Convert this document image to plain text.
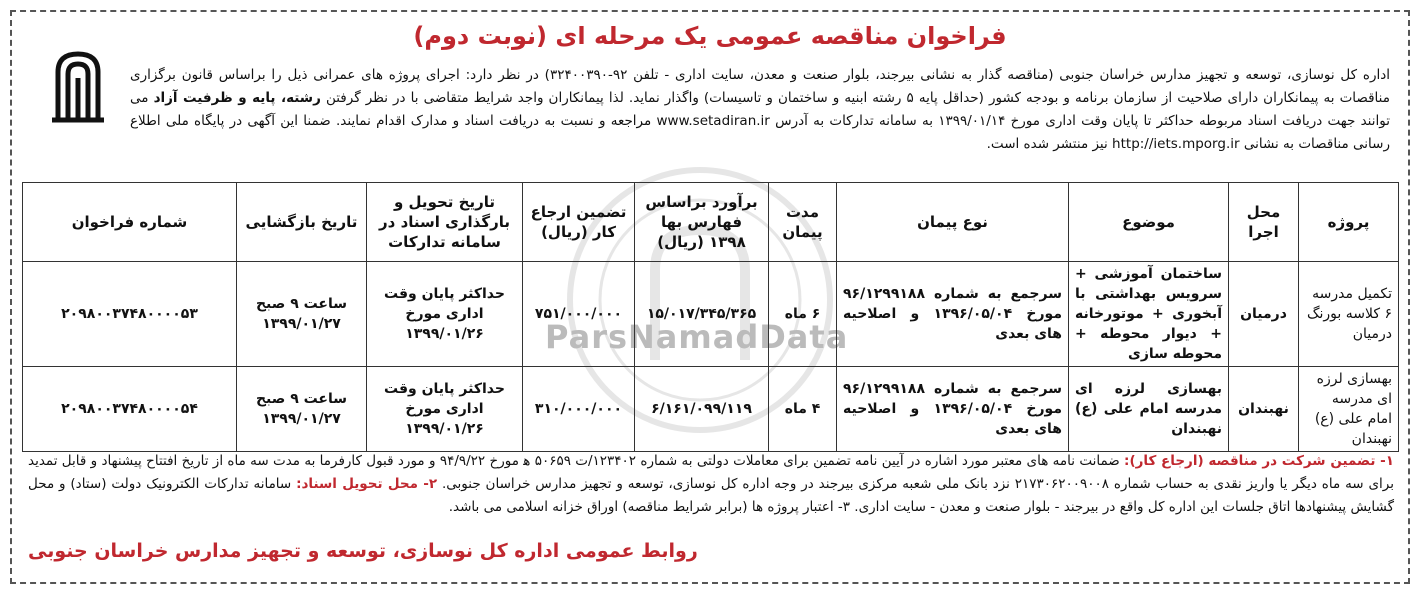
فراخوان مناقصه عمومی یک مرحله ای (نوبت دوم)
ParsNamadData
اداره کل نوسازی، توسعه و تجهیز مدارس خراسان جنوبی (مناقصه گذار به نشانی بیرجند، بلوار صنعت و معدن، سایت اداری - تلفن ۹۲-۳۲۴۰۰۳۹۰) در نظر دارد: اجرای پروژه های عمرانی ذیل را براساس قانون برگزاری مناقصات به پیمانکاران دارای صلاحیت از سازمان برنامه و بودجه کشور (حداقل پایه ۵ رشته ابنیه و ساختمان و تاسیسات) واگذار نماید. لذا پیمانکاران واجد شرایط متقاضی با در نظر گرفتن رشته، پایه و ظرفیت آزاد می توانند جهت دریافت اسناد مربوطه حداکثر تا پایان وقت اداری مورخ ۱۳۹۹/۰۱/۱۴ به سامانه تدارکات به آدرس www.setadiran.ir مراجعه و نسبت به دریافت اسناد و مدارک اقدام نمایند. ضمنا این آگهی در پایگاه ملی اطلاع رسانی مناقصات به نشانی http://iets.mporg.ir نیز منتشر شده است.
پروژه	محل اجرا	موضوع	نوع پیمان	مدت پیمان	برآورد براساس فهارس بها ۱۳۹۸ (ریال)	تضمین ارجاع کار (ریال)	تاریخ تحویل و بارگذاری اسناد در سامانه تدارکات	تاریخ بازگشایی	شماره فراخوان
تکمیل مدرسه ۶ کلاسه بورنگ درمیان	درمیان	ساختمان آموزشی + سرویس بهداشتی با آبخوری + موتورخانه + دیوار محوطه + محوطه سازی	سرجمع به شماره ۹۶/۱۲۹۹۱۸۸ مورخ ۱۳۹۶/۰۵/۰۴ و اصلاحیه های بعدی	۶ ماه	۱۵/۰۱۷/۳۴۵/۳۶۵	۷۵۱/۰۰۰/۰۰۰	حداکثر پایان وقت اداری مورخ ۱۳۹۹/۰۱/۲۶	ساعت ۹ صبح ۱۳۹۹/۰۱/۲۷	۲۰۹۸۰۰۳۷۴۸۰۰۰۰۵۳
بهسازی لرزه ای مدرسه امام علی (ع) نهبندان	نهبندان	بهسازی لرزه ای مدرسه امام علی (ع) نهبندان	سرجمع به شماره ۹۶/۱۲۹۹۱۸۸ مورخ ۱۳۹۶/۰۵/۰۴ و اصلاحیه های بعدی	۴ ماه	۶/۱۶۱/۰۹۹/۱۱۹	۳۱۰/۰۰۰/۰۰۰	حداکثر پایان وقت اداری مورخ ۱۳۹۹/۰۱/۲۶	ساعت ۹ صبح ۱۳۹۹/۰۱/۲۷	۲۰۹۸۰۰۳۷۴۸۰۰۰۰۵۴
۱- تضمین شرکت در مناقصه (ارجاع کار): ضمانت نامه های معتبر مورد اشاره در آیین نامه تضمین برای معاملات دولتی به شماره ۱۲۳۴۰۲/ت ۵۰۶۵۹ ه‍ مورخ ۹۴/۹/۲۲ و مورد قبول کارفرما به مدت سه ماه از تاریخ افتتاح پیشنهاد و قابل تمدید برای سه ماه دیگر یا واریز نقدی به حساب شماره ۲۱۷۳۰۶۲۰۰۹۰۰۸ نزد بانک ملی شعبه مرکزی بیرجند در وجه اداره کل نوسازی، توسعه و تجهیز مدارس خراسان جنوبی. ۲- محل تحویل اسناد: سامانه تدارکات الکترونیک دولت (ستاد) و محل گشایش پیشنهادها اتاق جلسات این اداره کل واقع در بیرجند - بلوار صنعت و معدن - سایت اداری. ۳- اعتبار پروژه ها (برابر شرایط مناقصه) اوراق خزانه اسلامی می باشد.
روابط عمومی اداره کل نوسازی، توسعه و تجهیز مدارس خراسان جنوبی
